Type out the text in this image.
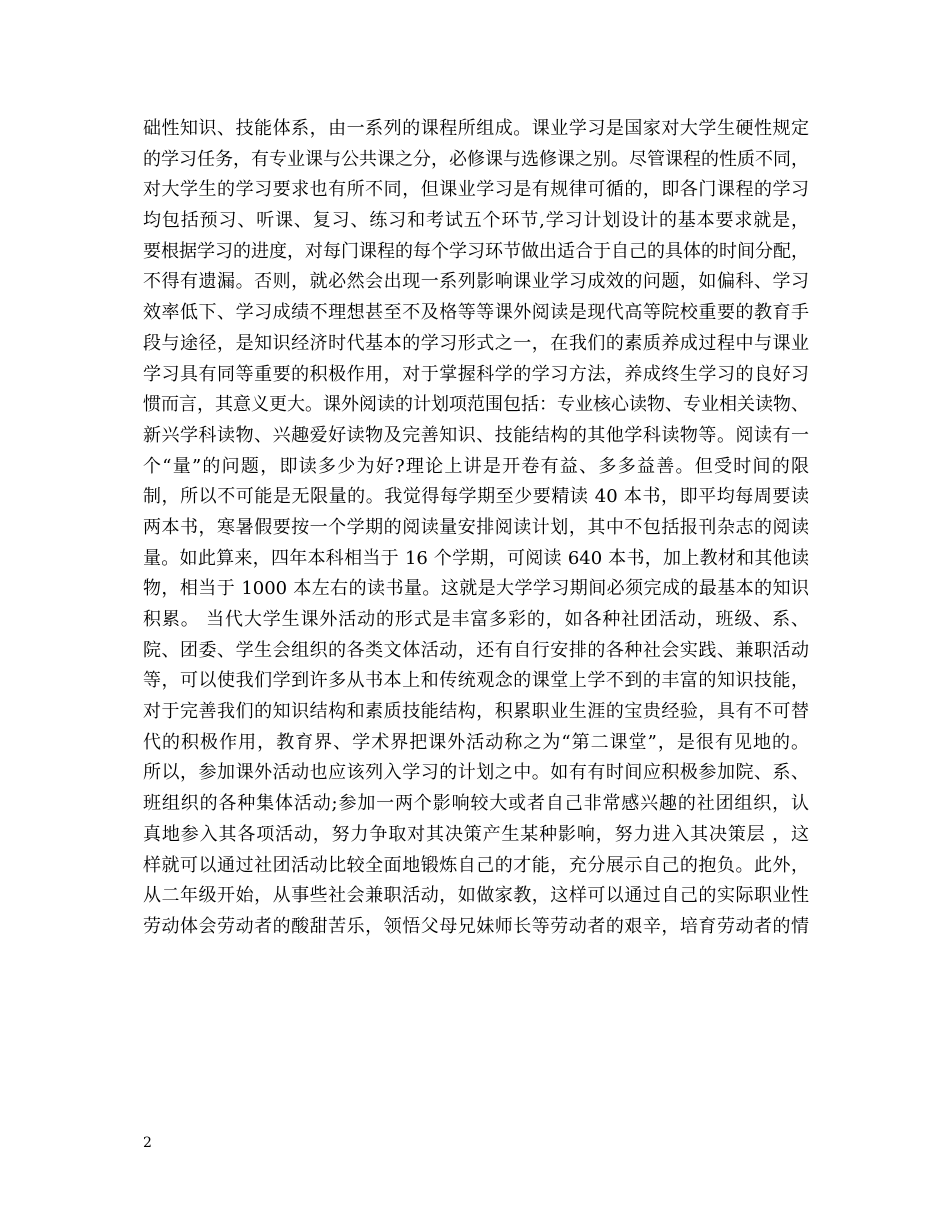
础性知识、技能体系，由一系列的课程所组成。课业学习是国家对大学生硬性规定
的学习任务，有专业课与公共课之分，必修课与选修课之别。尽管课程的性质不同，
对大学生的学习要求也有所不同，但课业学习是有规律可循的，即各门课程的学习
均包括预习、听课、复习、练习和考试五个环节,学习计划设计的基本要求就是，
要根据学习的进度，对每门课程的每个学习环节做出适合于自己的具体的时间分配，
不得有遗漏。否则，就必然会出现一系列影响课业学习成效的问题，如偏科、学习
效率低下、学习成绩不理想甚至不及格等等课外阅读是现代高等院校重要的教育手
段与途径，是知识经济时代基本的学习形式之一，在我们的素质养成过程中与课业
学习具有同等重要的积极作用，对于掌握科学的学习方法，养成终生学习的良好习
惯而言，其意义更大。课外阅读的计划项范围包括：专业核心读物、专业相关读物、
新兴学科读物、兴趣爱好读物及完善知识、技能结构的其他学科读物等。阅读有一
个“量”的问题，即读多少为好?理论上讲是开卷有益、多多益善。但受时间的限
制，所以不可能是无限量的。我觉得每学期至少要精读 40 本书，即平均每周要读
两本书，寒暑假要按一个学期的阅读量安排阅读计划，其中不包括报刊杂志的阅读
量。如此算来，四年本科相当于 16 个学期，可阅读 640 本书，加上教材和其他读
物，相当于 1000 本左右的读书量。这就是大学学习期间必须完成的最基本的知识
积累。 当代大学生课外活动的形式是丰富多彩的，如各种社团活动，班级、系、
院、团委、学生会组织的各类文体活动，还有自行安排的各种社会实践、兼职活动
等，可以使我们学到许多从书本上和传统观念的课堂上学不到的丰富的知识技能，
对于完善我们的知识结构和素质技能结构，积累职业生涯的宝贵经验，具有不可替
代的积极作用，教育界、学术界把课外活动称之为“第二课堂”，是很有见地的。
所以，参加课外活动也应该列入学习的计划之中。如有有时间应积极参加院、系、
班组织的各种集体活动;参加一两个影响较大或者自己非常感兴趣的社团组织，认
真地参入其各项活动，努力争取对其决策产生某种影响，努力进入其决策层 ，这
样就可以通过社团活动比较全面地锻炼自己的才能，充分展示自己的抱负。此外，
从二年级开始，从事些社会兼职活动，如做家教，这样可以通过自己的实际职业性
劳动体会劳动者的酸甜苦乐，领悟父母兄妹师长等劳动者的艰辛，培育劳动者的情
2
